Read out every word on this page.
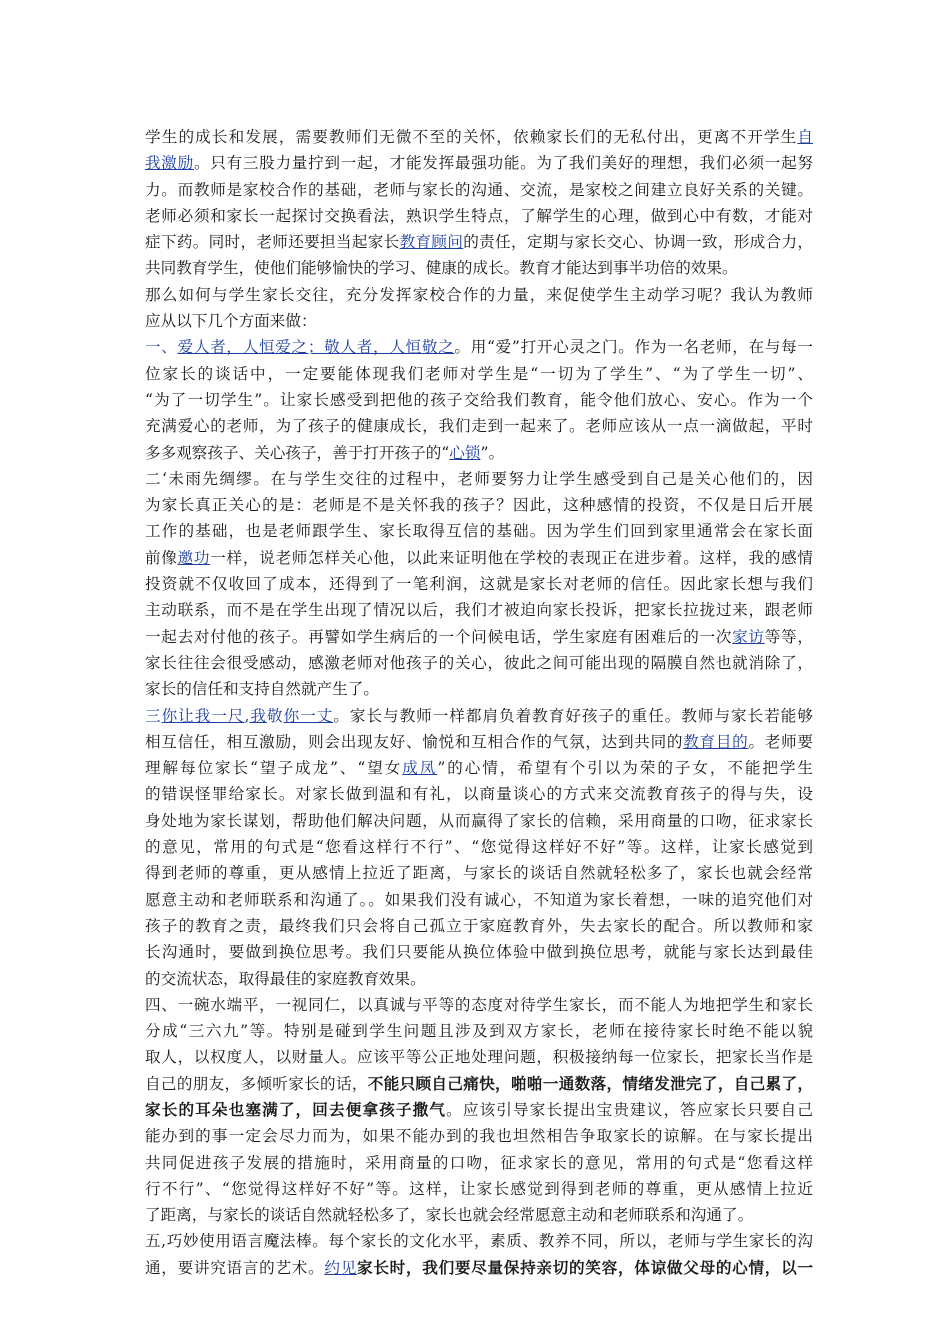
学生的成长和发展，需要教师们无微不至的关怀，依赖家长们的无私付出，更离不开学生自
我激励。只有三股力量拧到一起，才能发挥最强功能。为了我们美好的理想，我们必须一起努
力。而教师是家校合作的基础，老师与家长的沟通、交流，是家校之间建立良好关系的关键。
老师必须和家长一起探讨交换看法，熟识学生特点，了解学生的心理，做到心中有数，才能对
症下药。同时，老师还要担当起家长教育顾问的责任，定期与家长交心、协调一致，形成合力，
共同教育学生，使他们能够愉快的学习、健康的成长。教育才能达到事半功倍的效果。
那么如何与学生家长交往，充分发挥家校合作的力量，来促使学生主动学习呢？我认为教师
应从以下几个方面来做：
一、爱人者，人恒爱之；敬人者，人恒敬之。用“爱”打开心灵之门。作为一名老师，在与每一
位家长的谈话中，一定要能体现我们老师对学生是“一切为了学生”、“为了学生一切”、
“为了一切学生”。让家长感受到把他的孩子交给我们教育，能令他们放心、安心。作为一个
充满爱心的老师，为了孩子的健康成长，我们走到一起来了。老师应该从一点一滴做起，平时
多多观察孩子、关心孩子，善于打开孩子的“心锁”。
二‘未雨先绸缪。在与学生交往的过程中，老师要努力让学生感受到自己是关心他们的，因
为家长真正关心的是：老师是不是关怀我的孩子？因此，这种感情的投资，不仅是日后开展
工作的基础，也是老师跟学生、家长取得互信的基础。因为学生们回到家里通常会在家长面
前像邀功一样，说老师怎样关心他，以此来证明他在学校的表现正在进步着。这样，我的感情
投资就不仅收回了成本，还得到了一笔利润，这就是家长对老师的信任。因此家长想与我们
主动联系，而不是在学生出现了情况以后，我们才被迫向家长投诉，把家长拉拢过来，跟老师
一起去对付他的孩子。再譬如学生病后的一个问候电话，学生家庭有困难后的一次家访等等，
家长往往会很受感动，感激老师对他孩子的关心，彼此之间可能出现的隔膜自然也就消除了，
家长的信任和支持自然就产生了。
三你让我一尺,我敬你一丈。家长与教师一样都肩负着教育好孩子的重任。教师与家长若能够
相互信任，相互激励，则会出现友好、愉悦和互相合作的气氛，达到共同的教育目的。老师要
理解每位家长“望子成龙”、“望女成凤”的心情，希望有个引以为荣的子女，不能把学生
的错误怪罪给家长。对家长做到温和有礼，以商量谈心的方式来交流教育孩子的得与失，设
身处地为家长谋划，帮助他们解决问题，从而赢得了家长的信赖，采用商量的口吻，征求家长
的意见，常用的句式是“您看这样行不行”、“您觉得这样好不好”等。这样，让家长感觉到
得到老师的尊重，更从感情上拉近了距离，与家长的谈话自然就轻松多了，家长也就会经常
愿意主动和老师联系和沟通了。。如果我们没有诚心，不知道为家长着想，一味的追究他们对
孩子的教育之责，最终我们只会将自己孤立于家庭教育外，失去家长的配合。所以教师和家
长沟通时，要做到换位思考。我们只要能从换位体验中做到换位思考，就能与家长达到最佳
的交流状态，取得最佳的家庭教育效果。
四、一碗水端平，一视同仁，以真诚与平等的态度对待学生家长，而不能人为地把学生和家长
分成“三六九”等。特别是碰到学生问题且涉及到双方家长，老师在接待家长时绝不能以貌
取人，以权度人，以财量人。应该平等公正地处理问题，积极接纳每一位家长，把家长当作是
自己的朋友，多倾听家长的话，不能只顾自己痛快，啪啪一通数落，情绪发泄完了，自己累了，
家长的耳朵也塞满了，回去便拿孩子撒气。应该引导家长提出宝贵建议，答应家长只要自己
能办到的事一定会尽力而为，如果不能办到的我也坦然相告争取家长的谅解。在与家长提出
共同促进孩子发展的措施时，采用商量的口吻，征求家长的意见，常用的句式是“您看这样
行不行”、“您觉得这样好不好”等。这样，让家长感觉到得到老师的尊重，更从感情上拉近
了距离，与家长的谈话自然就轻松多了，家长也就会经常愿意主动和老师联系和沟通了。
五,巧妙使用语言魔法棒。每个家长的文化水平，素质、教养不同，所以，老师与学生家长的沟
通，要讲究语言的艺术。约见家长时，我们要尽量保持亲切的笑容，体谅做父母的心情，以一
